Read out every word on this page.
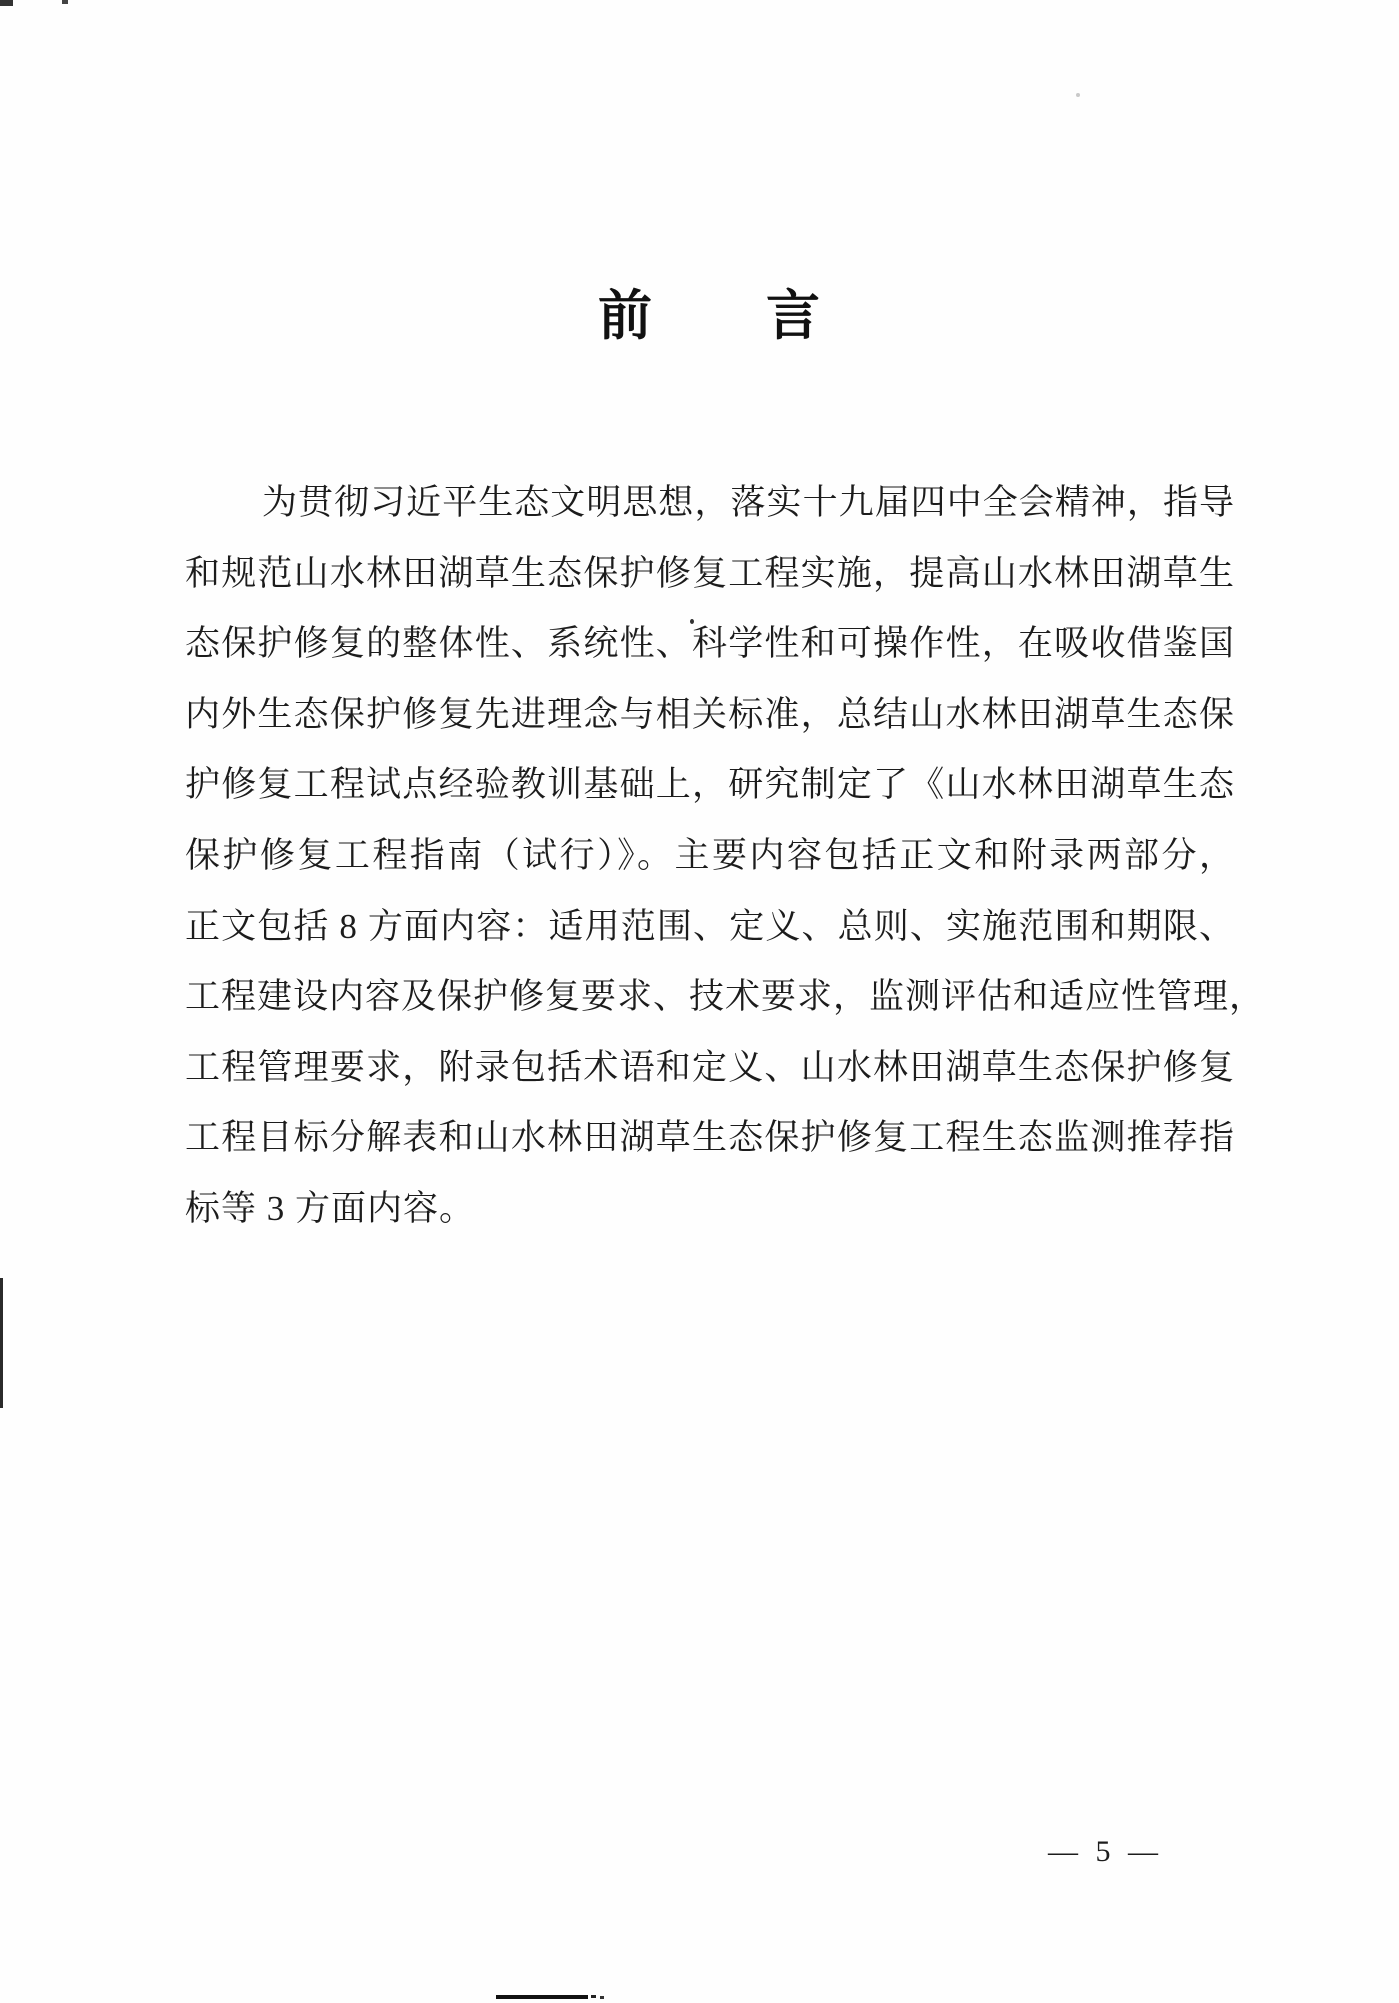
前　　言
为贯彻习近平生态文明思想，落实十九届四中全会精神，指导
和规范山水林田湖草生态保护修复工程实施，提高山水林田湖草生
态保护修复的整体性、系统性、科学性和可操作性，在吸收借鉴国
内外生态保护修复先进理念与相关标准，总结山水林田湖草生态保
护修复工程试点经验教训基础上，研究制定了《山水林田湖草生态
保护修复工程指南（试行）》。主要内容包括正文和附录两部分，
正文包括 8 方面内容：适用范围、定义、总则、实施范围和期限、
工程建设内容及保护修复要求、技术要求，监测评估和适应性管理，
工程管理要求，附录包括术语和定义、山水林田湖草生态保护修复
工程目标分解表和山水林田湖草生态保护修复工程生态监测推荐指
标等 3 方面内容。
— 5 —
